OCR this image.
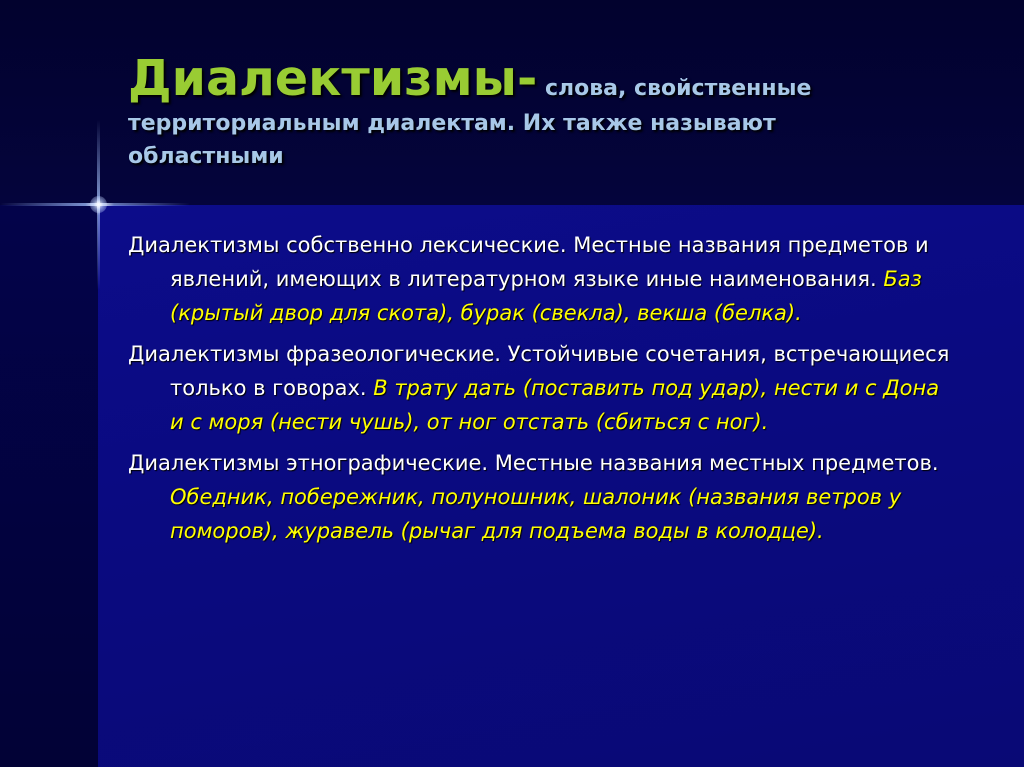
Диалектизмы- слова, свойственные территориальным диалектам. Их также называют областными

Диалектизмы собственно лексические. Местные названия предметов и явлений, имеющих в литературном языке иные наименования. Баз (крытый двор для скота), бурак (свекла), векша (белка).

Диалектизмы фразеологические. Устойчивые сочетания, встречающиеся только в говорах. В трату дать (поставить под удар), нести и с Дона и с моря (нести чушь), от ног отстать (сбиться с ног).

Диалектизмы этнографические. Местные названия местных предметов. Обедник, побережник, полуношник, шалоник (названия ветров у поморов), журавель (рычаг для подъема воды в колодце).
